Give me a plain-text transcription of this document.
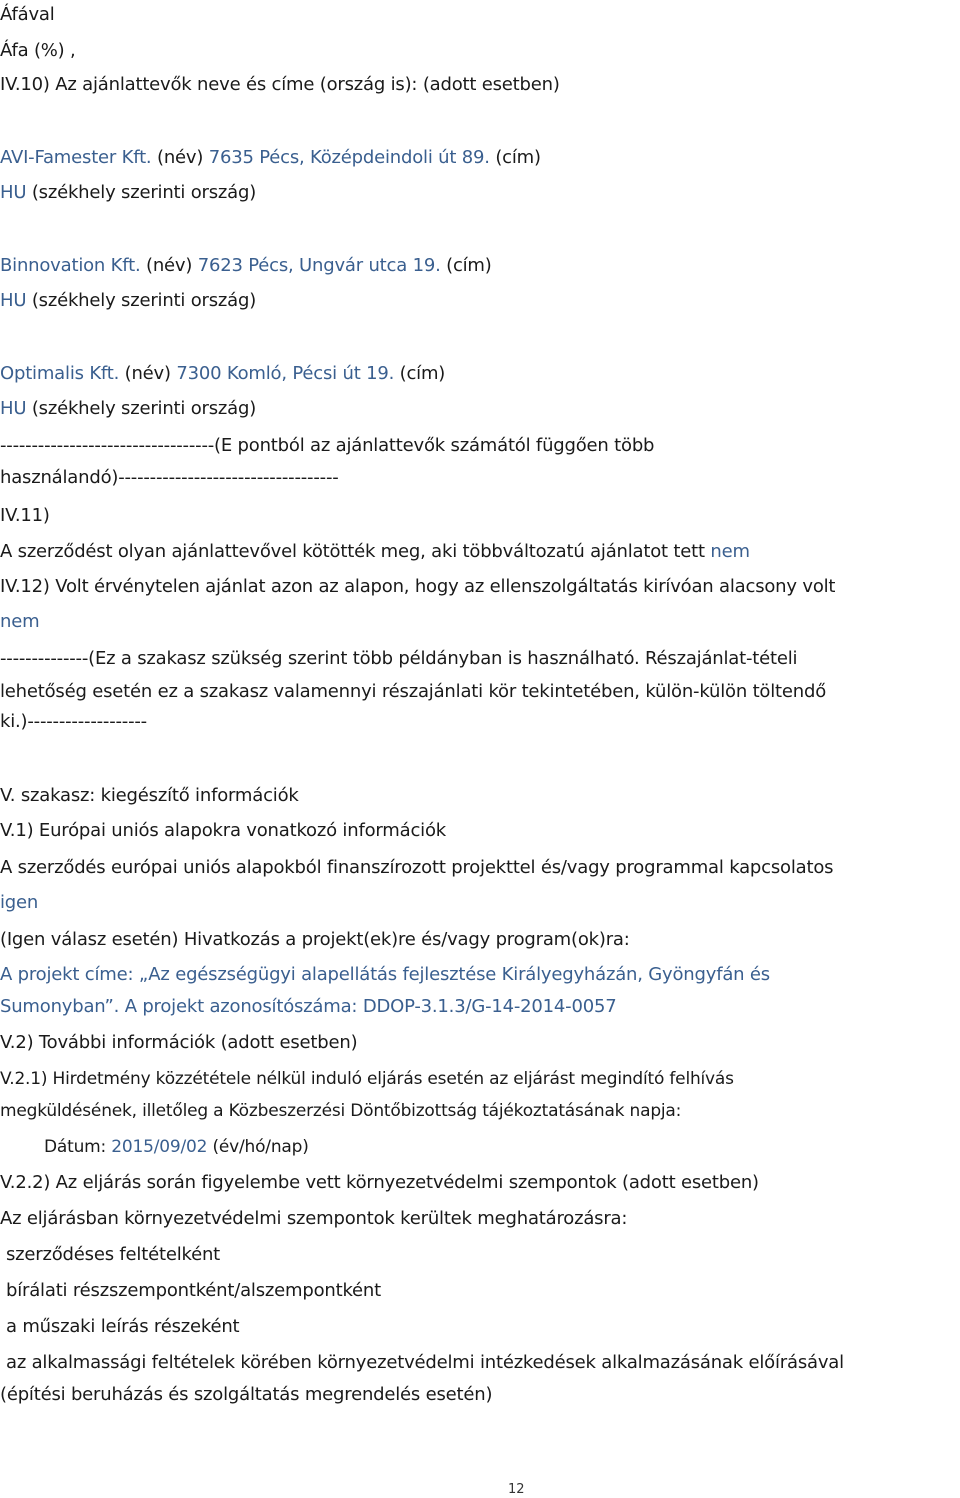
Áfával
Áfa (%) ,
IV.10) Az ajánlattevők neve és címe (ország is): (adott esetben)
AVI-Famester Kft. (név) 7635 Pécs, Középdeindoli út 89. (cím)
HU (székhely szerinti ország)
Binnovation Kft. (név) 7623 Pécs, Ungvár utca 19. (cím)
HU (székhely szerinti ország)
Optimalis Kft. (név) 7300 Komló, Pécsi út 19. (cím)
HU (székhely szerinti ország)
----------------------------------(E pontból az ajánlattevők számától függően több
használandó)-----------------------------------
IV.11)
A szerződést olyan ajánlattevővel kötötték meg, aki többváltozatú ajánlatot tett nem
IV.12) Volt érvénytelen ajánlat azon az alapon, hogy az ellenszolgáltatás kirívóan alacsony volt
nem
--------------(Ez a szakasz szükség szerint több példányban is használható. Részajánlat-tételi
lehetőség esetén ez a szakasz valamennyi részajánlati kör tekintetében, külön-külön töltendő
ki.)-------------------
V. szakasz: kiegészítő információk
V.1) Európai uniós alapokra vonatkozó információk
A szerződés európai uniós alapokból finanszírozott projekttel és/vagy programmal kapcsolatos
igen
(Igen válasz esetén) Hivatkozás a projekt(ek)re és/vagy program(ok)ra:
A projekt címe: „Az egészségügyi alapellátás fejlesztése Királyegyházán, Gyöngyfán és
Sumonyban”. A projekt azonosítószáma: DDOP-3.1.3/G-14-2014-0057
V.2) További információk (adott esetben)
V.2.1) Hirdetmény közzététele nélkül induló eljárás esetén az eljárást megindító felhívás
megküldésének, illetőleg a Közbeszerzési Döntőbizottság tájékoztatásának napja:
Dátum: 2015/09/02 (év/hó/nap)
V.2.2) Az eljárás során figyelembe vett környezetvédelmi szempontok (adott esetben)
Az eljárásban környezetvédelmi szempontok kerültek meghatározásra:
szerződéses feltételként
bírálati részszempontként/alszempontként
a műszaki leírás részeként
az alkalmassági feltételek körében környezetvédelmi intézkedések alkalmazásának előírásával
(építési beruházás és szolgáltatás megrendelés esetén)
12
